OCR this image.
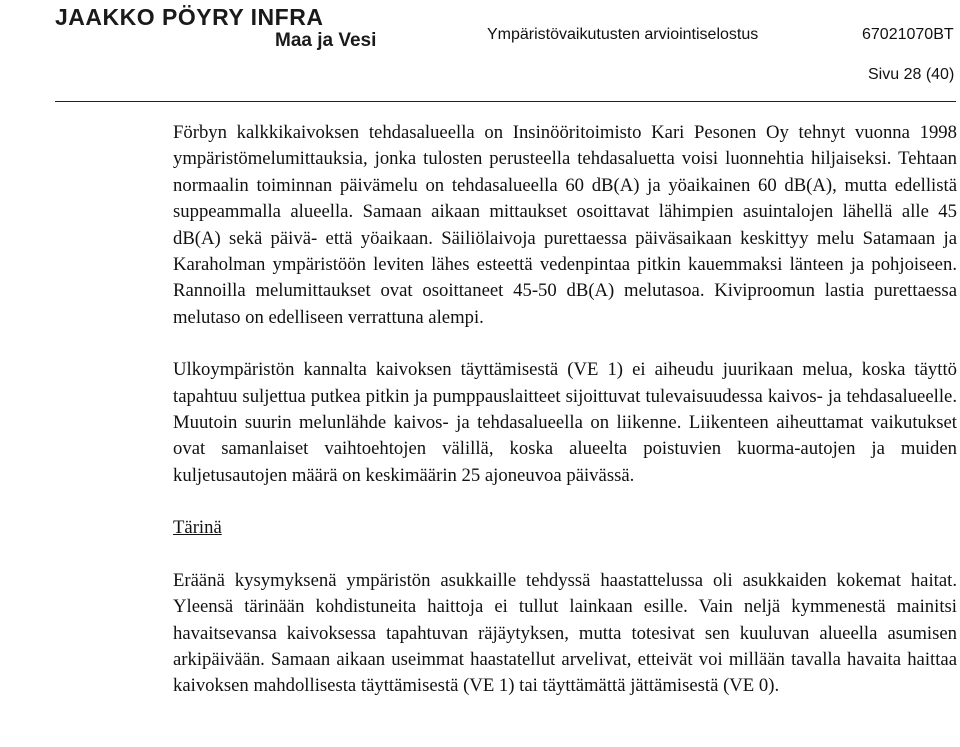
JAAKKO PÖYRY INFRA
Maa ja Vesi	Ympäristövaikutusten arviointiselostus	67021070BT
Sivu 28 (40)

Förbyn kalkkikaivoksen tehdasalueella on Insinööritoimisto Kari Pesonen Oy tehnyt vuonna 1998 ympäristömelumittauksia, jonka tulosten perusteella tehdasaluetta voisi luonnehtia hiljaiseksi. Tehtaan normaalin toiminnan päivämelu on tehdasalueella 60 dB(A) ja yöaikainen 60 dB(A), mutta edellistä suppeammalla alueella. Samaan aikaan mittaukset osoittavat lähimpien asuintalojen lähellä alle 45 dB(A) sekä päivä- että yöaikaan. Säiliölaivoja purettaessa päiväsaikaan keskittyy melu Satamaan ja Karaholman ympäristöön leviten lähes esteettä vedenpintaa pitkin kauemmaksi länteen ja pohjoiseen. Rannoilla melumittaukset ovat osoittaneet 45-50 dB(A) melutasoa. Kiviproomun lastia purettaessa melutaso on edelliseen verrattuna alempi.

Ulkoympäristön kannalta kaivoksen täyttämisestä (VE 1) ei aiheudu juurikaan melua, koska täyttö tapahtuu suljettua putkea pitkin ja pumppauslaitteet sijoittuvat tulevaisuudessa kaivos- ja tehdasalueelle. Muutoin suurin melunlähde kaivos- ja tehdasalueella on liikenne. Liikenteen aiheuttamat vaikutukset ovat samanlaiset vaihtoehtojen välillä, koska alueelta poistuvien kuorma-autojen ja muiden kuljetusautojen määrä on keskimäärin 25 ajoneuvoa päivässä.

Tärinä

Eräänä kysymyksenä ympäristön asukkaille tehdyssä haastattelussa oli asukkaiden kokemat haitat. Yleensä tärinään kohdistuneita haittoja ei tullut lainkaan esille. Vain neljä kymmenestä mainitsi havaitsevansa kaivoksessa tapahtuvan räjäytyksen, mutta totesivat sen kuuluvan alueella asumisen arkipäivään. Samaan aikaan useimmat haastatellut arvelivat, etteivät voi millään tavalla havaita haittaa kaivoksen mahdollisesta täyttämisestä (VE 1) tai täyttämättä jättämisestä (VE 0).
